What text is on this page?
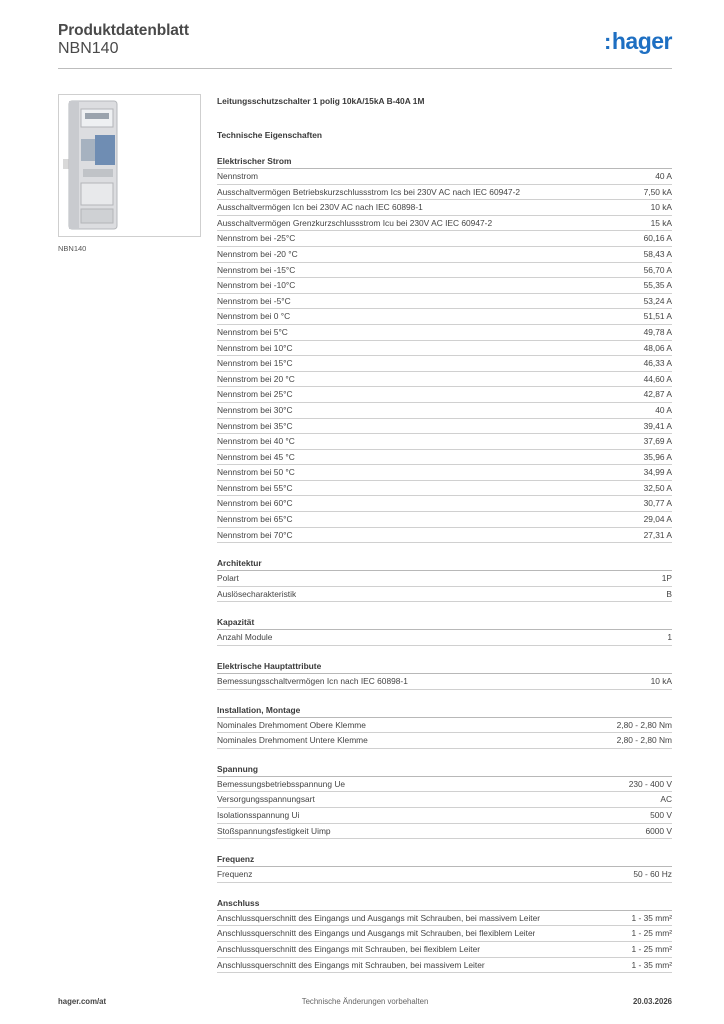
Produktdatenblatt
NBN140	:hager
NBN140
Leitungsschutzschalter 1 polig 10kA/15kA B-40A 1M
Technische Eigenschaften
Elektrischer Strom
Nennstrom	40 A
Ausschaltvermögen Betriebskurzschlussstrom Ics bei 230V AC nach IEC 60947-2	7,50 kA
Ausschaltvermögen Icn bei 230V AC nach IEC 60898-1	10 kA
Ausschaltvermögen Grenzkurzschlussstrom Icu bei 230V AC IEC 60947-2	15 kA
Nennstrom bei -25°C	60,16 A
Nennstrom bei -20 °C	58,43 A
Nennstrom bei -15°C	56,70 A
Nennstrom bei -10°C	55,35 A
Nennstrom bei -5°C	53,24 A
Nennstrom bei 0 °C	51,51 A
Nennstrom bei 5°C	49,78 A
Nennstrom bei 10°C	48,06 A
Nennstrom bei 15°C	46,33 A
Nennstrom bei 20 °C	44,60 A
Nennstrom bei 25°C	42,87 A
Nennstrom bei 30°C	40 A
Nennstrom bei 35°C	39,41 A
Nennstrom bei 40 °C	37,69 A
Nennstrom bei 45 °C	35,96 A
Nennstrom bei 50 °C	34,99 A
Nennstrom bei 55°C	32,50 A
Nennstrom bei 60°C	30,77 A
Nennstrom bei 65°C	29,04 A
Nennstrom bei 70°C	27,31 A
Architektur
Polart	1P
Auslösecharakteristik	B
Kapazität
Anzahl Module	1
Elektrische Hauptattribute
Bemessungsschaltvermögen Icn nach IEC 60898-1	10 kA
Installation, Montage
Nominales Drehmoment Obere Klemme	2,80 - 2,80 Nm
Nominales Drehmoment Untere Klemme	2,80 - 2,80 Nm
Spannung
Bemessungsbetriebsspannung Ue	230 - 400 V
Versorgungsspannungsart	AC
Isolationsspannung Ui	500 V
Stoßspannungsfestigkeit Uimp	6000 V
Frequenz
Frequenz	50 - 60 Hz
Anschluss
Anschlussquerschnitt des Eingangs und Ausgangs mit Schrauben, bei massivem Leiter	1 - 35 mm²
Anschlussquerschnitt des Eingangs und Ausgangs mit Schrauben, bei flexiblem Leiter	1 - 25 mm²
Anschlussquerschnitt des Eingangs mit Schrauben, bei flexiblem Leiter	1 - 25 mm²
Anschlussquerschnitt des Eingangs mit Schrauben, bei massivem Leiter	1 - 35 mm²
hager.com/at	Technische Änderungen vorbehalten	20.03.2026
